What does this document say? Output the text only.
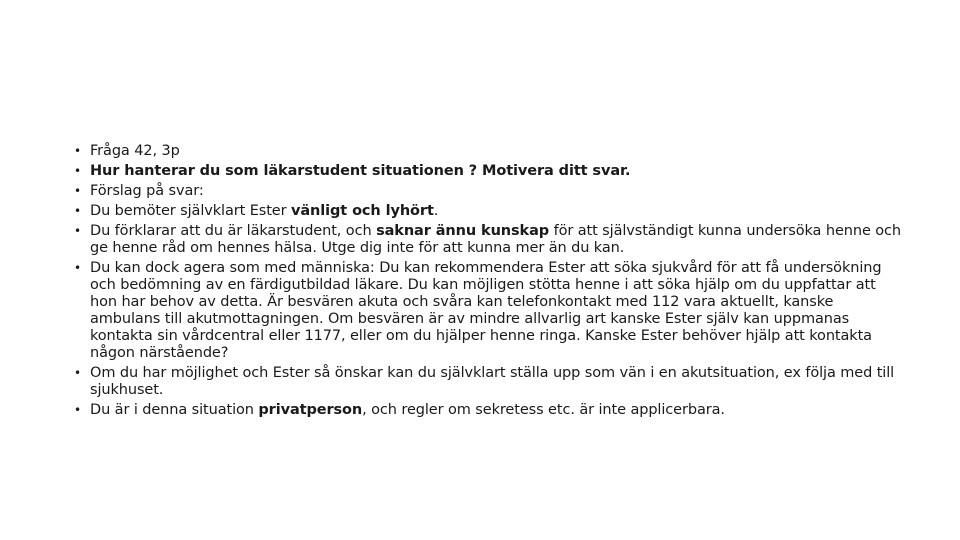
• Fråga 42, 3p
• Hur hanterar du som läkarstudent situationen ? Motivera ditt svar.
• Förslag på svar:
• Du bemöter självklart Ester vänligt och lyhört.
• Du förklarar att du är läkarstudent, och saknar ännu kunskap för att självständigt kunna undersöka henne och ge henne råd om hennes hälsa. Utge dig inte för att kunna mer än du kan.
• Du kan dock agera som med människa: Du kan rekommendera Ester att söka sjukvård för att få undersökning och bedömning av en färdigutbildad läkare. Du kan möjligen stötta henne i att söka hjälp om du uppfattar att hon har behov av detta. Är besvären akuta och svåra kan telefonkontakt med 112 vara aktuellt, kanske ambulans till akutmottagningen. Om besvären är av mindre allvarlig art kanske Ester själv kan uppmanas kontakta sin vårdcentral eller 1177, eller om du hjälper henne ringa. Kanske Ester behöver hjälp att kontakta någon närstående?
• Om du har möjlighet och Ester så önskar kan du självklart ställa upp som vän i en akutsituation, ex följa med till sjukhuset.
• Du är i denna situation privatperson, och regler om sekretess etc. är inte applicerbara.
